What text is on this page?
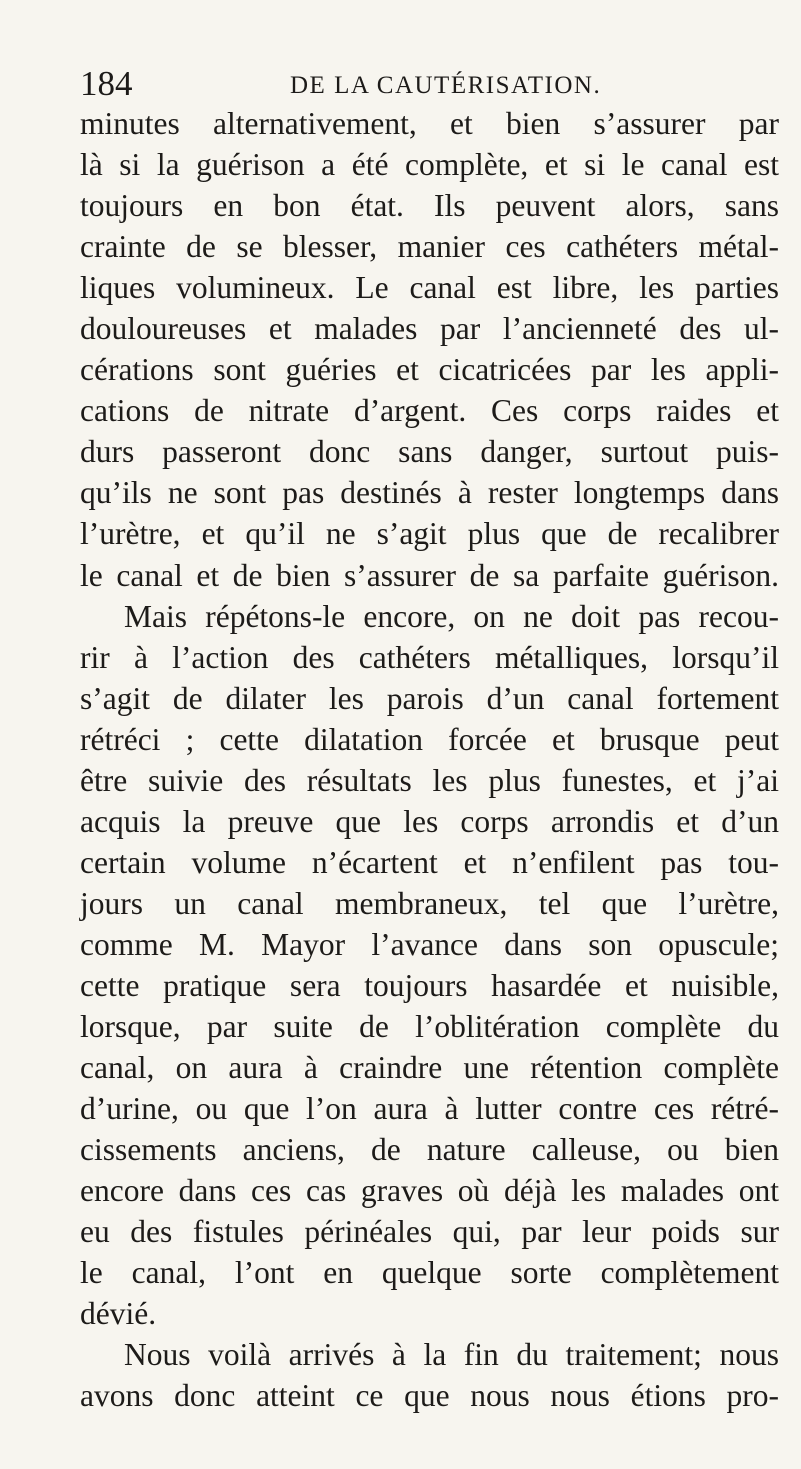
184	DE LA CAUTÉRISATION.
minutes alternativement, et bien s’assurer par
là si la guérison a été complète, et si le canal est
toujours en bon état. Ils peuvent alors, sans
crainte de se blesser, manier ces cathéters métal-
liques volumineux. Le canal est libre, les parties
douloureuses et malades par l’ancienneté des ul-
cérations sont guéries et cicatricées par les appli-
cations de nitrate d’argent. Ces corps raides et
durs passeront donc sans danger, surtout puis-
qu’ils ne sont pas destinés à rester longtemps dans
l’urètre, et qu’il ne s’agit plus que de recalibrer
le canal et de bien s’assurer de sa parfaite guérison.
Mais répétons-le encore, on ne doit pas recou-
rir à l’action des cathéters métalliques, lorsqu’il
s’agit de dilater les parois d’un canal fortement
rétréci ; cette dilatation forcée et brusque peut
être suivie des résultats les plus funestes, et j’ai
acquis la preuve que les corps arrondis et d’un
certain volume n’écartent et n’enfilent pas tou-
jours un canal membraneux, tel que l’urètre,
comme M. Mayor l’avance dans son opuscule;
cette pratique sera toujours hasardée et nuisible,
lorsque, par suite de l’oblitération complète du
canal, on aura à craindre une rétention complète
d’urine, ou que l’on aura à lutter contre ces rétré-
cissements anciens, de nature calleuse, ou bien
encore dans ces cas graves où déjà les malades ont
eu des fistules périnéales qui, par leur poids sur
le canal, l’ont en quelque sorte complètement
dévié.
Nous voilà arrivés à la fin du traitement; nous
avons donc atteint ce que nous nous étions pro-
